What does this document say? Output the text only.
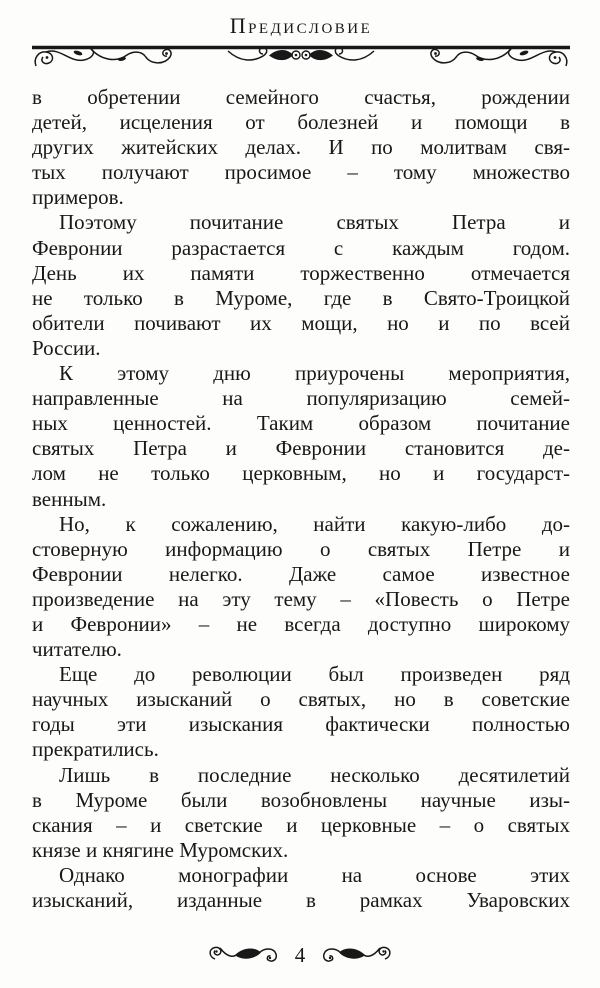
Предисловие
в обретении семейного счастья, рождении
детей, исцеления от болезней и помощи в
других житейских делах. И по молитвам свя-
тых получают просимое – тому множество
примеров.
Поэтому почитание святых Петра и
Февронии разрастается с каждым годом.
День их памяти торжественно отмечается
не только в Муроме, где в Свято-Троицкой
обители почивают их мощи, но и по всей
России.
К этому дню приурочены мероприятия,
направленные на популяризацию семей-
ных ценностей. Таким образом почитание
святых Петра и Февронии становится де-
лом не только церковным, но и государст-
венным.
Но, к сожалению, найти какую-либо до-
стоверную информацию о святых Петре и
Февронии нелегко. Даже самое известное
произведение на эту тему – «Повесть о Петре
и Февронии» – не всегда доступно широкому
читателю.
Еще до революции был произведен ряд
научных изысканий о святых, но в советские
годы эти изыскания фактически полностью
прекратились.
Лишь в последние несколько десятилетий
в Муроме были возобновлены научные изы-
скания – и светские и церковные – о святых
князе и княгине Муромских.
Однако монографии на основе этих
изысканий, изданные в рамках Уваровских
4
